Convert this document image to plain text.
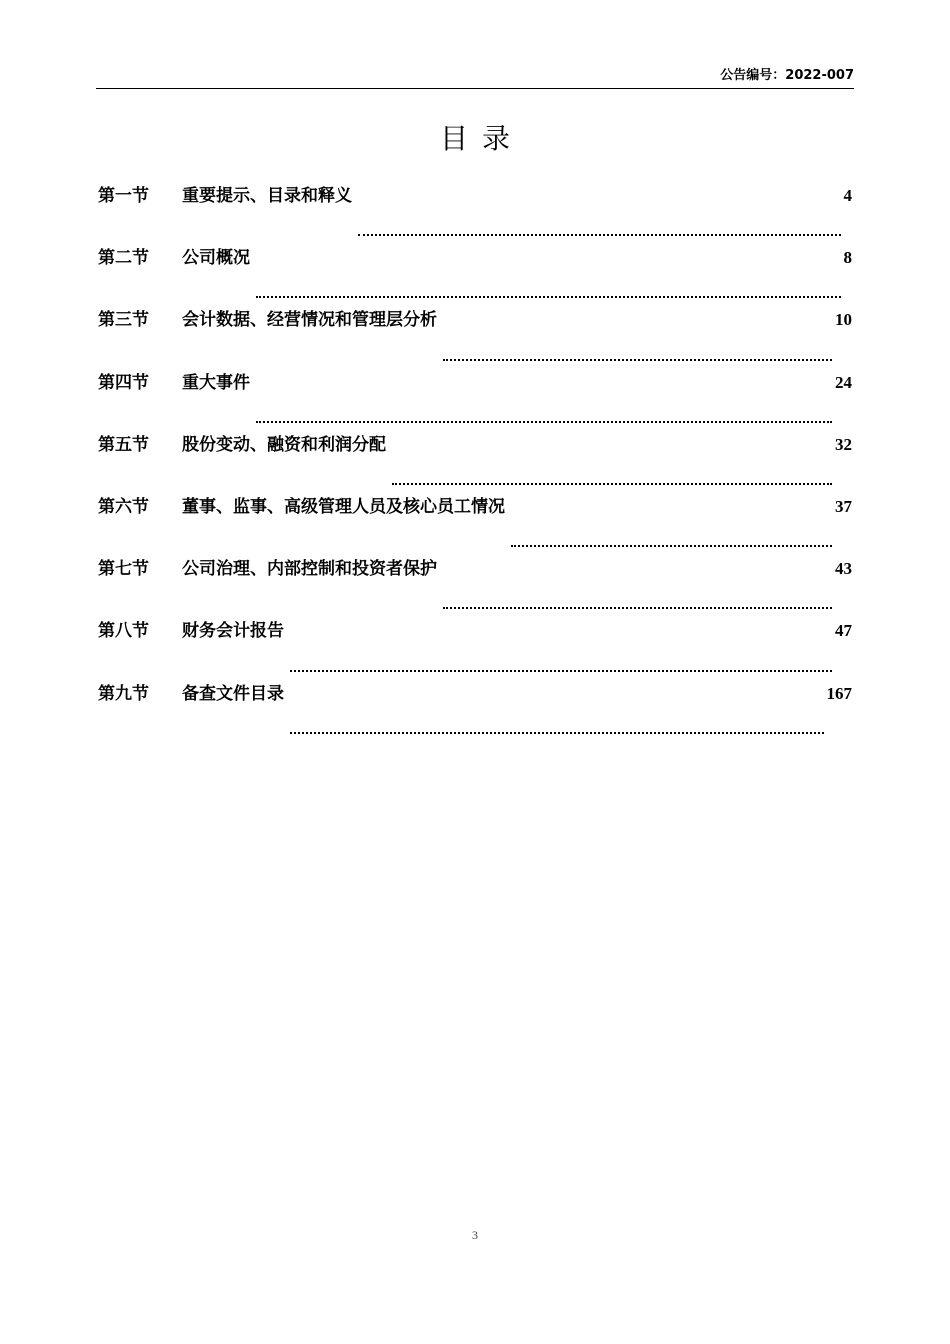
公告编号：2022-007
目录
第一节	重要提示、目录和释义	4
第二节	公司概况	8
第三节	会计数据、经营情况和管理层分析	10
第四节	重大事件	24
第五节	股份变动、融资和利润分配	32
第六节	董事、监事、高级管理人员及核心员工情况	37
第七节	公司治理、内部控制和投资者保护	43
第八节	财务会计报告	47
第九节	备查文件目录	167
3
